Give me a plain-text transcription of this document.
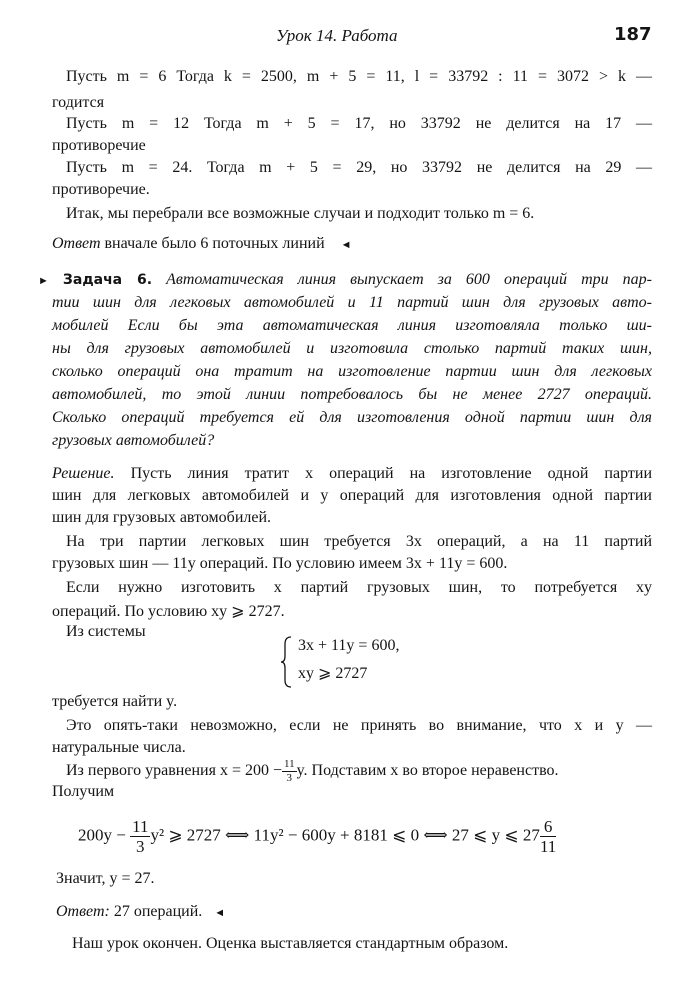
Урок 14. Работа	187
Пусть m = 6 Тогда k = 2500, m + 5 = 11, l = 33792 : 11 = 3072 > k —
годится
Пусть m = 12 Тогда m + 5 = 17, но 33792 не делится на 17 —
противоречие
Пусть m = 24. Тогда m + 5 = 29, но 33792 не делится на 29 —
противоречие.
Итак, мы перебрали все возможные случаи и подходит только m = 6.
Ответ вначале было 6 поточных линий ◄
► Задача 6. Автоматическая линия выпускает за 600 операций три пар-
тии шин для легковых автомобилей и 11 партий шин для грузовых авто-
мобилей Если бы эта автоматическая линия изготовляла только ши-
ны для грузовых автомобилей и изготовила столько партий таких шин,
сколько операций она тратит на изготовление партии шин для легковых
автомобилей, то этой линии потребовалось бы не менее 2727 операций.
Сколько операций требуется ей для изготовления одной партии шин для
грузовых автомобилей?
Решение. Пусть линия тратит x операций на изготовление одной партии
шин для легковых автомобилей и y операций для изготовления одной партии
шин для грузовых автомобилей.
На три партии легковых шин требуется 3x операций, а на 11 партий
грузовых шин — 11y операций. По условию имеем 3x + 11y = 600.
Если нужно изготовить x партий грузовых шин, то потребуется xy
операций. По условию xy ⩾ 2727.
Из системы
3x + 11y = 600,
xy ⩾ 2727
требуется найти y.
Это опять-таки невозможно, если не принять во внимание, что x и y —
натуральные числа.
Из первого уравнения $x = 200 - \frac{11}{3} y$. Подставим x во второе неравенство.
Получим
$200y - \frac{11}{3} y^2$ ⩾ 2727 ⟺ 11y² − 600y + 8181 ⩽ 0 ⟺ 27 ⩽ y ⩽ $27 \frac{6}{11}$
Значит, y = 27.
Ответ: 27 операций. ◄
Наш урок окончен. Оценка выставляется стандартным образом.
